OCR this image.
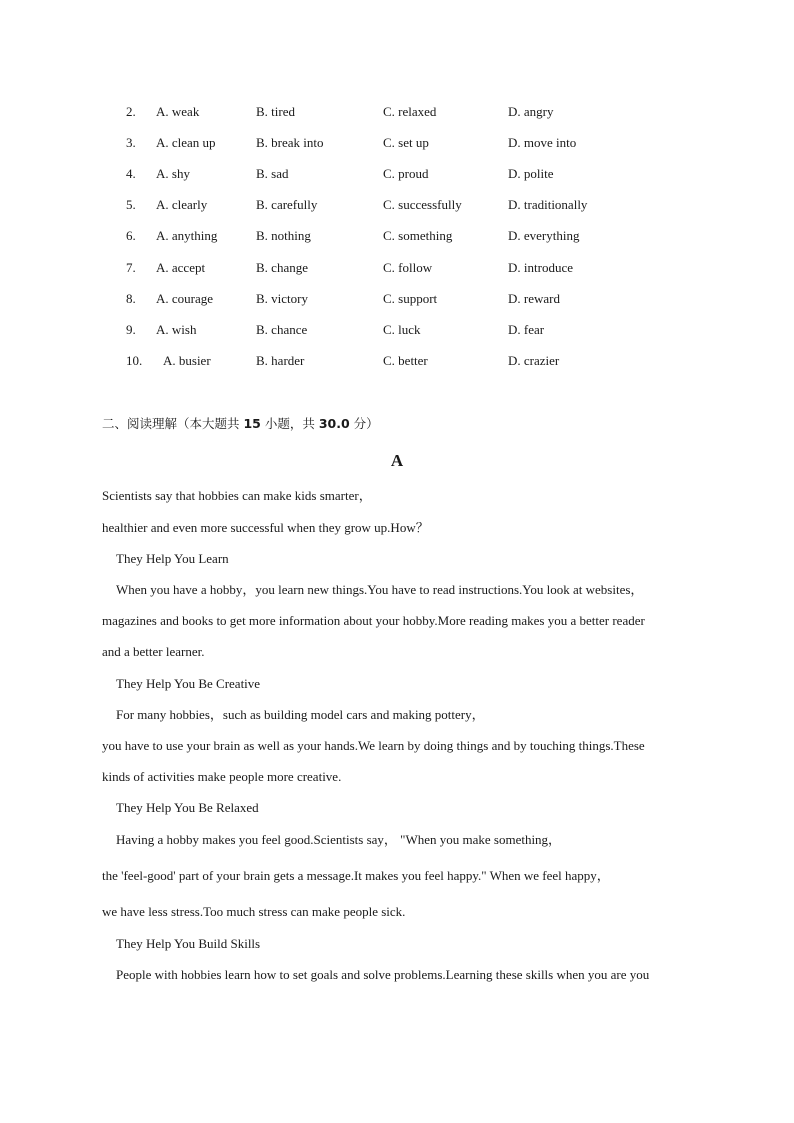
2. A. weak	B. tired	C. relaxed	D. angry
3. A. clean up	B. break into	C. set up	D. move into
4. A. shy	B. sad	C. proud	D. polite
5. A. clearly	B. carefully	C. successfully	D. traditionally
6. A. anything	B. nothing	C. something	D. everything
7. A. accept	B. change	C. follow	D. introduce
8. A. courage	B. victory	C. support	D. reward
9. A. wish	B. chance	C. luck	D. fear
10. A. busier	B. harder	C. better	D. crazier
二、阅读理解（本大题共 15 小题，共 30.0 分）
A
Scientists say that hobbies can make kids smarter，
healthier and even more successful when they grow up.How？
They Help You Learn
When you have a hobby，you learn new things.You have to read instructions.You look at websites，
magazines and books to get more information about your hobby.More reading makes you a better reader
and a better learner.
They Help You Be Creative
For many hobbies，such as building model cars and making pottery，
you have to use your brain as well as your hands.We learn by doing things and by touching things.These
kinds of activities make people more creative.
They Help You Be Relaxed
Having a hobby makes you feel good.Scientists say， "When you make something，
the 'feel-good' part of your brain gets a message.It makes you feel happy." When we feel happy，
we have less stress.Too much stress can make people sick.
They Help You Build Skills
People with hobbies learn how to set goals and solve problems.Learning these skills when you are you
